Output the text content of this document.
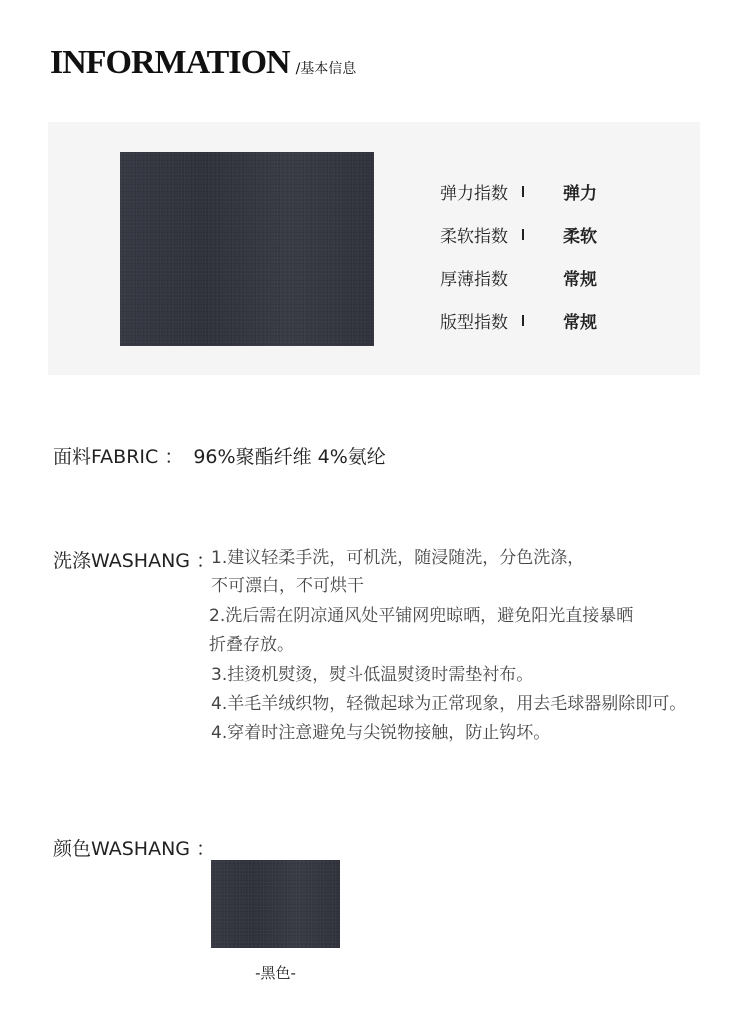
INFORMATION /基本信息
弹力指数	弹力
柔软指数	柔软
厚薄指数	常规
版型指数	常规
面料FABRIC ： 96%聚酯纤维 4%氨纶
洗涤WASHANG ：
1.建议轻柔手洗，可机洗，随浸随洗，分色洗涤，
不可漂白，不可烘干
2.洗后需在阴凉通风处平铺网兜晾晒，避免阳光直接暴晒
折叠存放。
3.挂烫机熨烫，熨斗低温熨烫时需垫衬布。
4.羊毛羊绒织物，轻微起球为正常现象，用去毛球器剔除即可。
4.穿着时注意避免与尖锐物接触，防止钩坏。
颜色WASHANG ：
-黑色-
